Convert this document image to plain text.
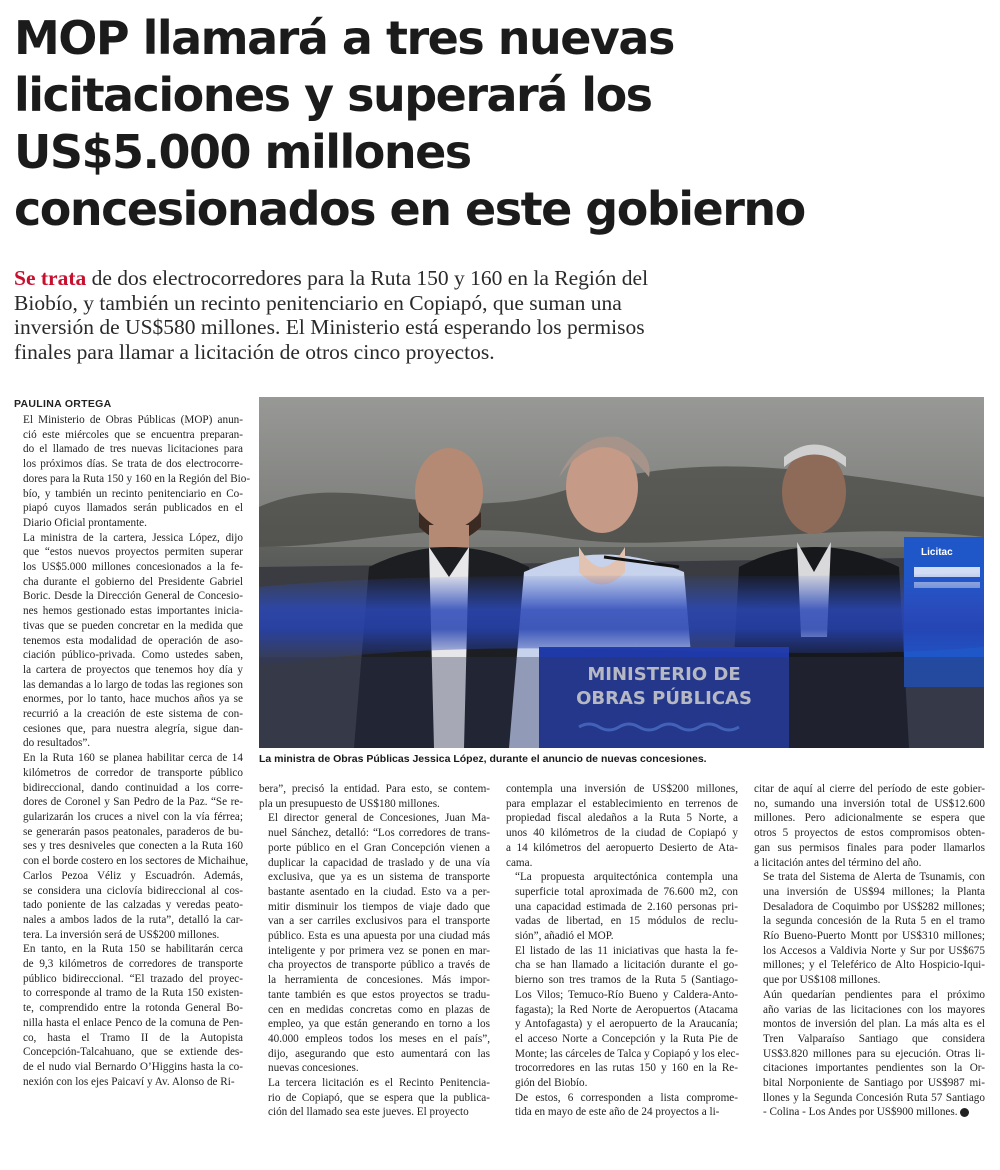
MOP llamará a tres nuevas
licitaciones y superará los
US$5.000 millones
concesionados en este gobierno
Se trata de dos electrocorredores para la Ruta 150 y 160 en la Región del
Biobío, y también un recinto penitenciario en Copiapó, que suman una
inversión de US$580 millones. El Ministerio está esperando los permisos
finales para llamar a licitación de otros cinco proyectos.
PAULINA ORTEGA
Licitac
MINISTERIO DE
OBRAS PÚBLICAS
La ministra de Obras Públicas Jessica López, durante el anuncio de nuevas concesiones.

El Ministerio de Obras Públicas (MOP) anun-
ció este miércoles que se encuentra preparan-
do el llamado de tres nuevas licitaciones para
los próximos días. Se trata de dos electrocorre-
dores para la Ruta 150 y 160 en la Región del Bio-
bío, y también un recinto penitenciario en Co-
piapó cuyos llamados serán publicados en el
Diario Oficial prontamente.

La ministra de la cartera, Jessica López, dijo
que “estos nuevos proyectos permiten superar
los US$5.000 millones concesionados a la fe-
cha durante el gobierno del Presidente Gabriel
Boric. Desde la Dirección General de Concesio-
nes hemos gestionado estas importantes inicia-
tivas que se pueden concretar en la medida que
tenemos esta modalidad de operación de aso-
ciación público-privada. Como ustedes saben,
la cartera de proyectos que tenemos hoy día y
las demandas a lo largo de todas las regiones son
enormes, por lo tanto, hace muchos años ya se
recurrió a la creación de este sistema de con-
cesiones que, para nuestra alegría, sigue dan-
do resultados”.

En la Ruta 160 se planea habilitar cerca de 14
kilómetros de corredor de transporte público
bidireccional, dando continuidad a los corre-
dores de Coronel y San Pedro de la Paz. “Se re-
gularizarán los cruces a nivel con la vía férrea;
se generarán pasos peatonales, paraderos de bu-
ses y tres desniveles que conecten a la Ruta 160
con el borde costero en los sectores de Michaihue,
Carlos Pezoa Véliz y Escuadrón. Además,
se considera una ciclovía bidireccional al cos-
tado poniente de las calzadas y veredas peato-
nales a ambos lados de la ruta”, detalló la car-
tera. La inversión será de US$200 millones.

En tanto, en la Ruta 150 se habilitarán cerca
de 9,3 kilómetros de corredores de transporte
público bidireccional. “El trazado del proyec-
to corresponde al tramo de la Ruta 150 existen-
te, comprendido entre la rotonda General Bo-
nilla hasta el enlace Penco de la comuna de Pen-
co, hasta el Tramo II de la Autopista
Concepción-Talcahuano, que se extiende des-
de el nudo vial Bernardo O’Higgins hasta la co-
nexión con los ejes Paicaví y Av. Alonso de Ri-

bera”, precisó la entidad. Para esto, se contem-
pla un presupuesto de US$180 millones.

El director general de Concesiones, Juan Ma-
nuel Sánchez, detalló: “Los corredores de trans-
porte público en el Gran Concepción vienen a
duplicar la capacidad de traslado y de una vía
exclusiva, que ya es un sistema de transporte
bastante asentado en la ciudad. Esto va a per-
mitir disminuir los tiempos de viaje dado que
van a ser carriles exclusivos para el transporte
público. Esta es una apuesta por una ciudad más
inteligente y por primera vez se ponen en mar-
cha proyectos de transporte público a través de
la herramienta de concesiones. Más impor-
tante también es que estos proyectos se tradu-
cen en medidas concretas como en plazas de
empleo, ya que están generando en torno a los
40.000 empleos todos los meses en el país”,
dijo, asegurando que esto aumentará con las
nuevas concesiones.

La tercera licitación es el Recinto Penitencia-
rio de Copiapó, que se espera que la publica-
ción del llamado sea este jueves. El proyecto

contempla una inversión de US$200 millones,
para emplazar el establecimiento en terrenos de
propiedad fiscal aledaños a la Ruta 5 Norte, a
unos 40 kilómetros de la ciudad de Copiapó y
a 14 kilómetros del aeropuerto Desierto de Ata-
cama.

“La propuesta arquitectónica contempla una
superficie total aproximada de 76.600 m2, con
una capacidad estimada de 2.160 personas pri-
vadas de libertad, en 15 módulos de reclu-
sión”, añadió el MOP.

El listado de las 11 iniciativas que hasta la fe-
cha se han llamado a licitación durante el go-
bierno son tres tramos de la Ruta 5 (Santiago-
Los Vilos; Temuco-Río Bueno y Caldera-Anto-
fagasta); la Red Norte de Aeropuertos (Atacama
y Antofagasta) y el aeropuerto de la Araucanía;
el acceso Norte a Concepción y la Ruta Pie de
Monte; las cárceles de Talca y Copiapó y los elec-
trocorredores en las rutas 150 y 160 en la Re-
gión del Biobío.

De estos, 6 corresponden a lista comprome-
tida en mayo de este año de 24 proyectos a li-

citar de aquí al cierre del período de este gobier-
no, sumando una inversión total de US$12.600
millones. Pero adicionalmente se espera que
otros 5 proyectos de estos compromisos obten-
gan sus permisos finales para poder llamarlos
a licitación antes del término del año.

Se trata del Sistema de Alerta de Tsunamis, con
una inversión de US$94 millones; la Planta
Desaladora de Coquimbo por US$282 millones;
la segunda concesión de la Ruta 5 en el tramo
Río Bueno-Puerto Montt por US$310 millones;
los Accesos a Valdivia Norte y Sur por US$675
millones; y el Teleférico de Alto Hospicio-Iqui-
que por US$108 millones.

Aún quedarían pendientes para el próximo
año varias de las licitaciones con los mayores
montos de inversión del plan. La más alta es el
Tren Valparaíso Santiago que considera
US$3.820 millones para su ejecución. Otras li-
citaciones importantes pendientes son la Or-
bital Norponiente de Santiago por US$987 mi-
llones y la Segunda Concesión Ruta 57 Santiago
- Colina - Los Andes por US$900 millones. P
